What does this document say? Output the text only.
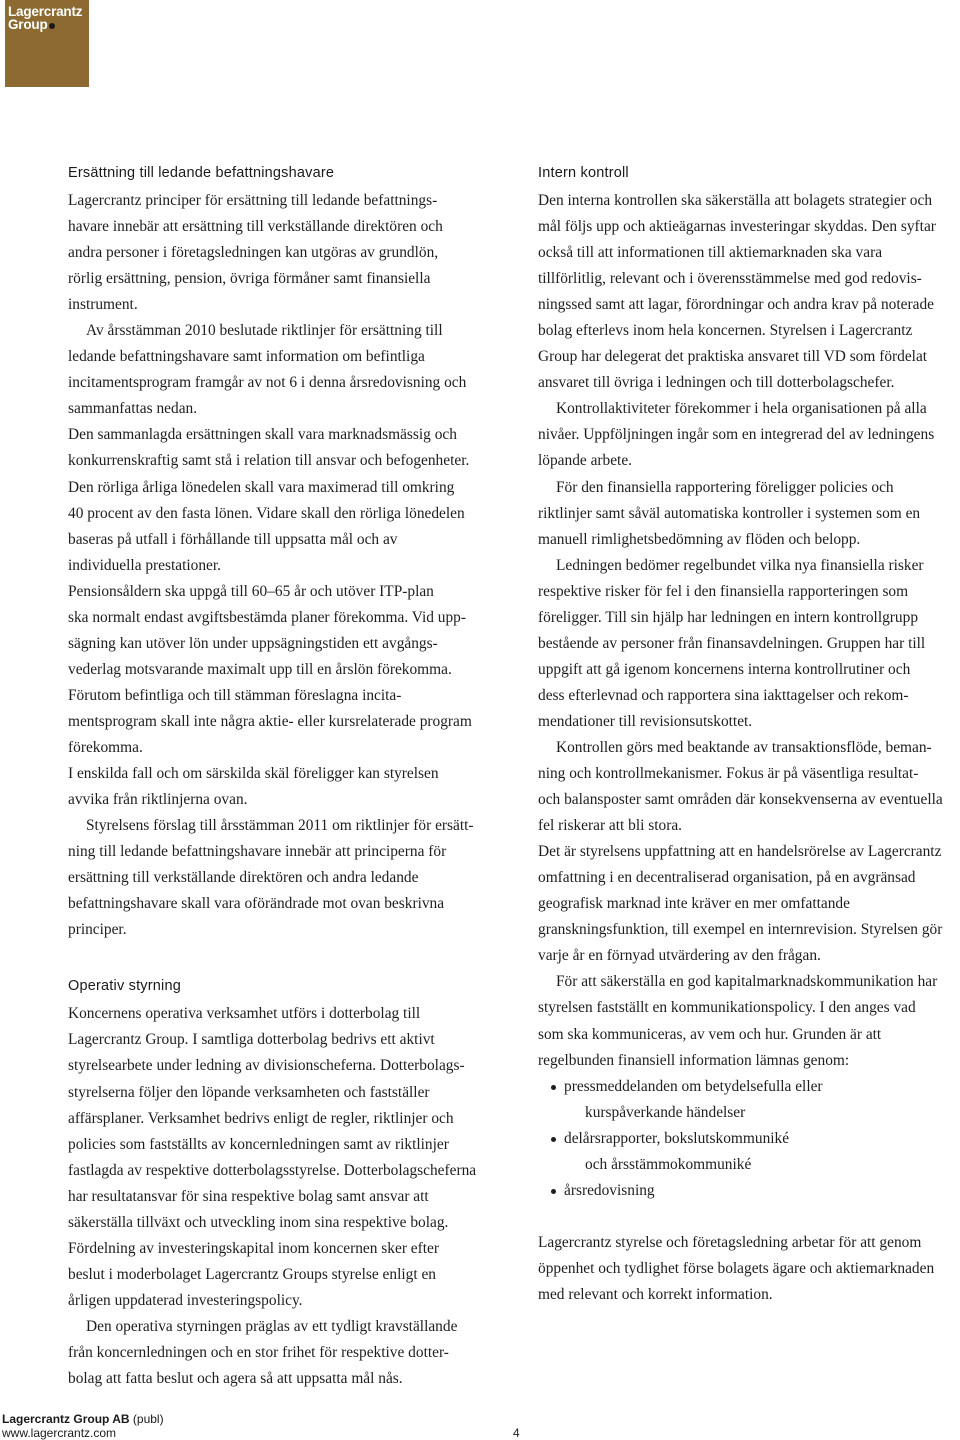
Lagercrantz
Group
Ersättning till ledande befattningshavare
Lagercrantz principer för ersättning till ledande befattnings-
havare innebär att ersättning till verkställande direktören och
andra personer i företagsledningen kan utgöras av grundlön,
rörlig ersättning, pension, övriga förmåner samt finansiella
instrument.
Av årsstämman 2010 beslutade riktlinjer för ersättning till
ledande befattningshavare samt information om befintliga
incitamentsprogram framgår av not 6 i denna årsredovisning och
sammanfattas nedan.
Den sammanlagda ersättningen skall vara marknadsmässig och
konkurrenskraftig samt stå i relation till ansvar och befogenheter.
Den rörliga årliga lönedelen skall vara maximerad till omkring
40 procent av den fasta lönen. Vidare skall den rörliga lönedelen
baseras på utfall i förhållande till uppsatta mål och av
individuella prestationer.
Pensionsåldern ska uppgå till 60–65 år och utöver ITP-plan
ska normalt endast avgiftsbestämda planer förekomma. Vid upp-
sägning kan utöver lön under uppsägningstiden ett avgångs-
vederlag motsvarande maximalt upp till en årslön förekomma.
Förutom befintliga och till stämman föreslagna incita-
mentsprogram skall inte några aktie- eller kursrelaterade program
förekomma.
I enskilda fall och om särskilda skäl föreligger kan styrelsen
avvika från riktlinjerna ovan.
Styrelsens förslag till årsstämman 2011 om riktlinjer för ersätt-
ning till ledande befattningshavare innebär att principerna för
ersättning till verkställande direktören och andra ledande
befattningshavare skall vara oförändrade mot ovan beskrivna
principer.
Operativ styrning
Koncernens operativa verksamhet utförs i dotterbolag till
Lagercrantz Group. I samtliga dotterbolag bedrivs ett aktivt
styrelsearbete under ledning av divisionscheferna. Dotterbolags-
styrelserna följer den löpande verksamheten och fastställer
affärsplaner. Verksamhet bedrivs enligt de regler, riktlinjer och
policies som fastställts av koncernledningen samt av riktlinjer
fastlagda av respektive dotterbolagsstyrelse. Dotterbolagscheferna
har resultatansvar för sina respektive bolag samt ansvar att
säkerställa tillväxt och utveckling inom sina respektive bolag.
Fördelning av investeringskapital inom koncernen sker efter
beslut i moderbolaget Lagercrantz Groups styrelse enligt en
årligen uppdaterad investeringspolicy.
Den operativa styrningen präglas av ett tydligt kravställande
från koncernledningen och en stor frihet för respektive dotter-
bolag att fatta beslut och agera så att uppsatta mål nås.
Intern kontroll
Den interna kontrollen ska säkerställa att bolagets strategier och
mål följs upp och aktieägarnas investeringar skyddas. Den syftar
också till att informationen till aktiemarknaden ska vara
tillförlitlig, relevant och i överensstämmelse med god redovis-
ningssed samt att lagar, förordningar och andra krav på noterade
bolag efterlevs inom hela koncernen. Styrelsen i Lagercrantz
Group har delegerat det praktiska ansvaret till VD som fördelat
ansvaret till övriga i ledningen och till dotterbolagschefer.
Kontrollaktiviteter förekommer i hela organisationen på alla
nivåer. Uppföljningen ingår som en integrerad del av ledningens
löpande arbete.
För den finansiella rapportering föreligger policies och
riktlinjer samt såväl automatiska kontroller i systemen som en
manuell rimlighetsbedömning av flöden och belopp.
Ledningen bedömer regelbundet vilka nya finansiella risker
respektive risker för fel i den finansiella rapporteringen som
föreligger. Till sin hjälp har ledningen en intern kontrollgrupp
bestående av personer från finansavdelningen. Gruppen har till
uppgift att gå igenom koncernens interna kontrollrutiner och
dess efterlevnad och rapportera sina iakttagelser och rekom-
mendationer till revisionsutskottet.
Kontrollen görs med beaktande av transaktionsflöde, beman-
ning och kontrollmekanismer. Fokus är på väsentliga resultat-
och balansposter samt områden där konsekvenserna av eventuella
fel riskerar att bli stora.
Det är styrelsens uppfattning att en handelsrörelse av Lagercrantz
omfattning i en decentraliserad organisation, på en avgränsad
geografisk marknad inte kräver en mer omfattande
granskningsfunktion, till exempel en internrevision. Styrelsen gör
varje år en förnyad utvärdering av den frågan.
För att säkerställa en god kapitalmarknadskommunikation har
styrelsen fastställt en kommunikationspolicy. I den anges vad
som ska kommuniceras, av vem och hur. Grunden är att
regelbunden finansiell information lämnas genom:
pressmeddelanden om betydelsefulla eller
kurspåverkande händelser
delårsrapporter, bokslutskommuniké
och årsstämmokommuniké
årsredovisning
Lagercrantz styrelse och företagsledning arbetar för att genom
öppenhet och tydlighet förse bolagets ägare och aktiemarknaden
med relevant och korrekt information.
Lagercrantz Group AB (publ)
www.lagercrantz.com	4
